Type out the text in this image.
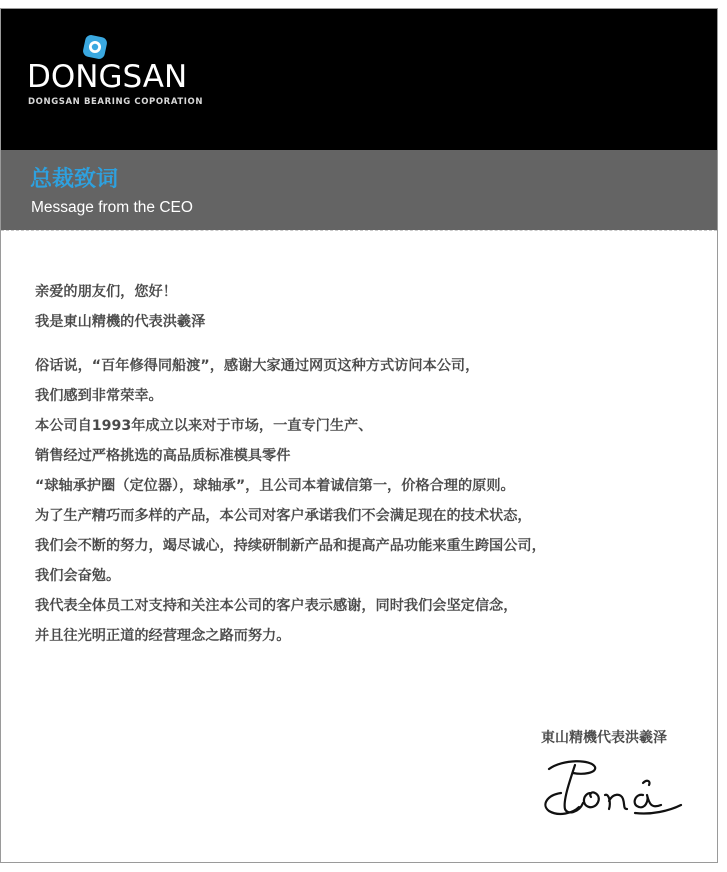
DONGSAN
DONGSAN BEARING COPORATION
总裁致词
Message from the CEO

亲爱的朋友们，您好！

我是東山精機的代表洪羲泽

俗话说，“百年修得同船渡”，感谢大家通过网页这种方式访问本公司，

我们感到非常荣幸。

本公司自1993年成立以来对于市场，一直专门生产、

销售经过严格挑选的高品质标准模具零件

“球轴承护圈（定位器），球轴承”，且公司本着诚信第一，价格合理的原则。

为了生产精巧而多样的产品，本公司对客户承诺我们不会满足现在的技术状态，

我们会不断的努力，竭尽诚心，持续研制新产品和提高产品功能来重生跨国公司，

我们会奋勉。

我代表全体员工对支持和关注本公司的客户表示感谢，同时我们会坚定信念，

并且往光明正道的经营理念之路而努力。

東山精機代表洪羲泽
